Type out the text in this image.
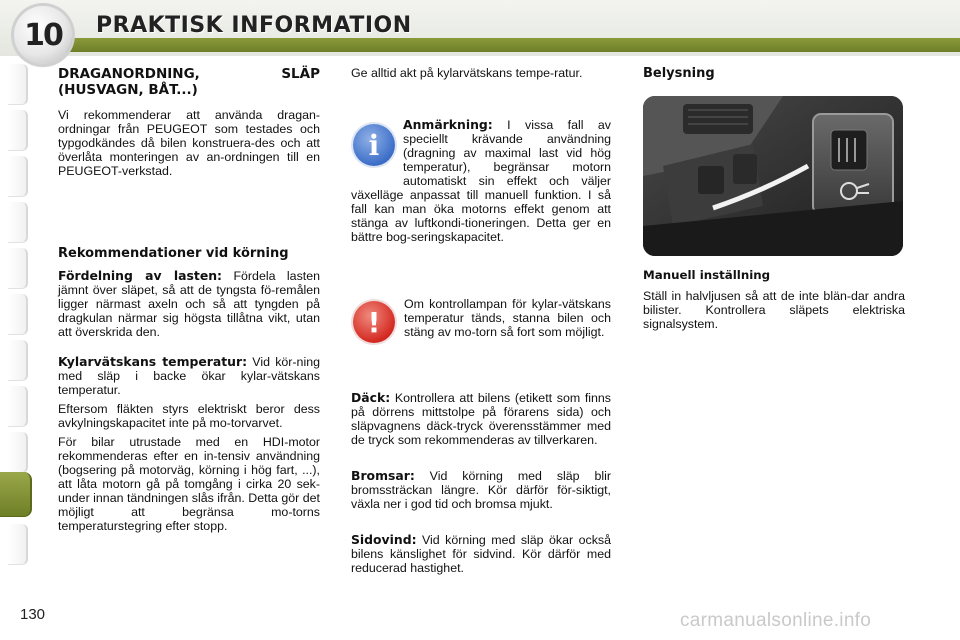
10 PRAKTISK INFORMATION

DRAGANORDNING, SLÄP (HUSVAGN, BÅT...)

Vi rekommenderar att använda dragan-ordningar från PEUGEOT som testades och typgodkändes då bilen konstruera-des och att överlåta monteringen av an-ordningen till en PEUGEOT-verkstad.

Rekommendationer vid körning

Fördelning av lasten: Fördela lasten jämnt över släpet, så att de tyngsta fö-remålen ligger närmast axeln och så att tyngden på dragkulan närmar sig högsta tillåtna vikt, utan att överskrida den.

Kylarvätskans temperatur: Vid kör-ning med släp i backe ökar kylar-vätskans temperatur.

Eftersom fläkten styrs elektriskt beror dess avkylningskapacitet inte på mo-torvarvet.

För bilar utrustade med en HDI-motor rekommenderas efter en in-tensiv användning (bogsering på motorväg, körning i hög fart, ...), att låta motorn gå på tomgång i cirka 20 sek-under innan tändningen slås ifrån. Detta gör det möjligt att begränsa mo-torns temperaturstegring efter stopp.

Ge alltid akt på kylarvätskans tempe-ratur.

i

Anmärkning: I vissa fall av speciellt krävande användning (dragning av maximal last vid hög temperatur), begränsar motorn automatiskt sin effekt och väljer växelläge anpassat till manuell funktion. I så fall kan man öka motorns effekt genom att stänga av luftkondi-tioneringen. Detta ger en bättre bog-seringskapacitet.

!

Om kontrollampan för kylar-vätskans temperatur tänds, stanna bilen och stäng av mo-torn så fort som möjligt.

Däck: Kontrollera att bilens (etikett som finns på dörrens mittstolpe på förarens sida) och släpvagnens däck-tryck överensstämmer med de tryck som rekommenderas av tillverkaren.

Bromsar: Vid körning med släp blir bromssträckan längre. Kör därför för-siktigt, växla ner i god tid och bromsa mjukt.

Sidovind: Vid körning med släp ökar också bilens känslighet för sidvind. Kör därför med reducerad hastighet.

Belysning

Manuell inställning

Ställ in halvljusen så att de inte blän-dar andra bilister. Kontrollera släpets elektriska signalsystem.

130	carmanualsonline.info
